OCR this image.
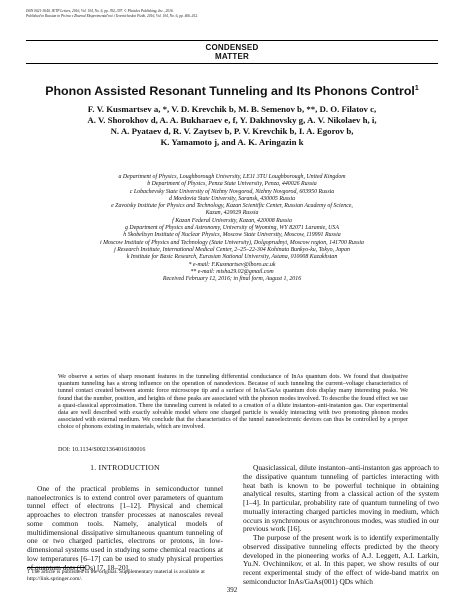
ISSN 0021-3640, JETP Letters, 2016, Vol. 104, No. 6, pp. 392–397. © Pleiades Publishing, Inc., 2016.
Published in Russian in Pis'ma v Zhurnal Eksperimental'noi i Teoreticheskoi Fiziki, 2016, Vol. 104, No. 6, pp. 406–412.
CONDENSED
MATTER
Phonon Assisted Resonant Tunneling and Its Phonons Control$^1$
F. V. Kusmartsev a, *, V. D. Krevchik b, M. B. Semenov b, **, D. O. Filatov c,
A. V. Shorokhov d, A. A. Bukharaev e, f, Y. Dakhnovsky g, A. V. Nikolaev h, i,
N. A. Pyataev d, R. V. Zaytsev b, P. V. Krevchik b, I. A. Egorov b,
K. Yamamoto j, and A. K. Aringazin k
a Department of Physics, Loughborough University, LE11 3TU Loughborough, United Kingdom
b Department of Physics, Penza State University, Penza, 440026 Russia
c Lobachevsky State University of Nizhny Novgorod, Nizhny Novgorod, 603950 Russia
d Mordovia State University, Saransk, 430005 Russia
e Zavoisky Institute for Physics and Technology, Kazan Scientific Center, Russian Academy of Science,
Kazan, 420029 Russia
f Kazan Federal University, Kazan, 420008 Russia
g Department of Physics and Astronomy, University of Wyoming, WY 82071 Laramie, USA
h Skobeltsyn Institute of Nuclear Physics, Moscow State University, Moscow, 119991 Russia
i Moscow Institute of Physics and Technology (State University), Dolgoprudnyi, Moscow region, 141700 Russia
j Research Institute, International Medical Center, 2–25–22-304 Kohinata Bunkyo-ku, Tokyo, Japan
k Institute for Basic Research, Eurasian National University, Astana, 010008 Kazakhstan
* e-mail: F.Kusmartsev@lboro.ac.uk
** e-mail: misha29.02@gmail.com
Received February 12, 2016; in final form, August 1, 2016
We observe a series of sharp resonant features in the tunneling differential conductance of InAs quantum dots. We found that dissipative quantum tunneling has a strong influence on the operation of nanodevices. Because of such tunneling the current–voltage characteristics of tunnel contact created between atomic force microscope tip and a surface of InAs/GaAs quantum dots display many interesting peaks. We found that the number, position, and heights of these peaks are associated with the phonon modes involved. To describe the found effect we use a quasi-classical approximation. There the tunneling current is related to a creation of a dilute instanton–anti-instanton gas. Our experimental data are well described with exactly solvable model where one charged particle is weakly interacting with two promoting phonon modes associated with external medium. We conclude that the characteristics of the tunnel nanoelectronic devices can thus be controlled by a proper choice of phonons existing in materials, which are involved.
DOI: 10.1134/S0021364016180016
1. INTRODUCTION

One of the practical problems in semiconductor tunnel nanoelectronics is to extend control over parameters of quantum tunnel effect of electrons [1–12]. Physical and chemical approaches to electron transfer processes at nanoscales reveal some common tools. Namely, analytical models of multidimensional dissipative simultaneous quantum tunneling of one or two charged particles, electrons or protons, in low-dimensional systems used in studying some chemical reactions at low temperatures [6–17] can be used to study physical properties of quantum dots (QDs) [7, 18–20].

Quasiclassical, dilute instanton–anti-instanton gas approach to the dissipative quantum tunneling of particles interacting with heat bath is known to be powerful technique in obtaining analytical results, starting from a classical action of the system [1–4]. In particular, probability rate of quantum tunneling of two mutually interacting charged particles moving in medium, which occurs in synchronous or asynchronous modes, was studied in our previous work [16].

The purpose of the present work is to identify experimentally observed dissipative tunneling effects predicted by the theory developed in the pioneering works of A.J. Leggett, A.I. Larkin, Yu.N. Ovchinnikov, et al. In this paper, we show results of our recent experimental study of the effect of wide-band matrix on semiconductor InAs/GaAs(001) QDs which

1 The article is published in the original. Supplementary material is available at http://link.springer.com/.
392
